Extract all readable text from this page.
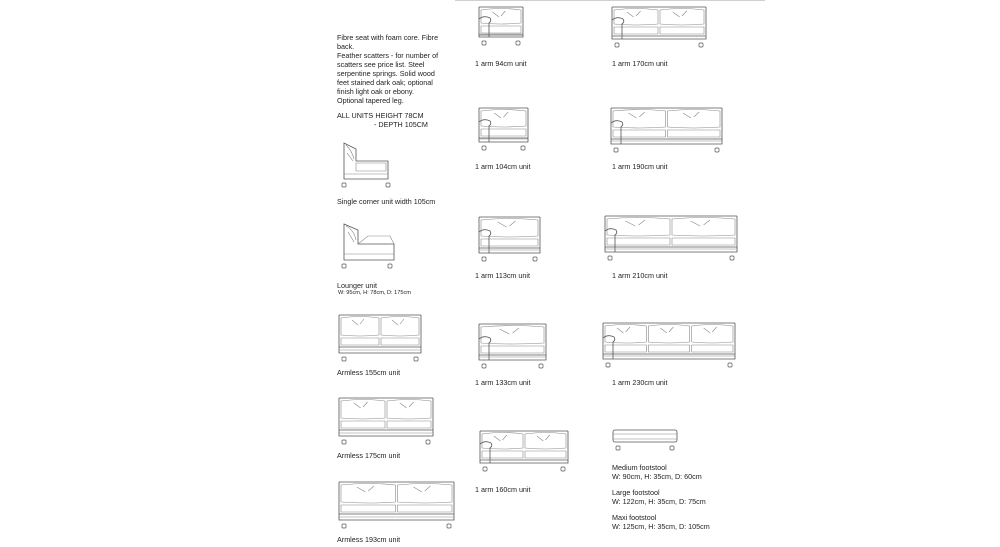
Fibre seat with foam core. Fibre
back.
Feather scatters - for number of
scatters see price list. Steel
serpentine springs. Solid wood
feet stained dark oak; optional
finish light oak or ebony.
Optional tapered leg.
ALL UNITS
- HEIGHT 78CM
- DEPTH 105CM
Single corner unit width 105cm
Lounger unit
W: 95cm, H: 78cm, D: 175cm
Armless 155cm unit
Armless 175cm unit
Armless 193cm unit
1 arm 94cm unit
1 arm 104cm unit
1 arm 113cm unit
1 arm 133cm unit
1 arm 160cm unit
1 arm 170cm unit
1 arm 190cm unit
1 arm 210cm unit
1 arm 230cm unit
Medium footstool
W: 90cm, H: 35cm, D: 60cm
Large footstool
W: 122cm, H: 35cm, D: 75cm
Maxi footstool
W: 125cm, H: 35cm, D: 105cm
